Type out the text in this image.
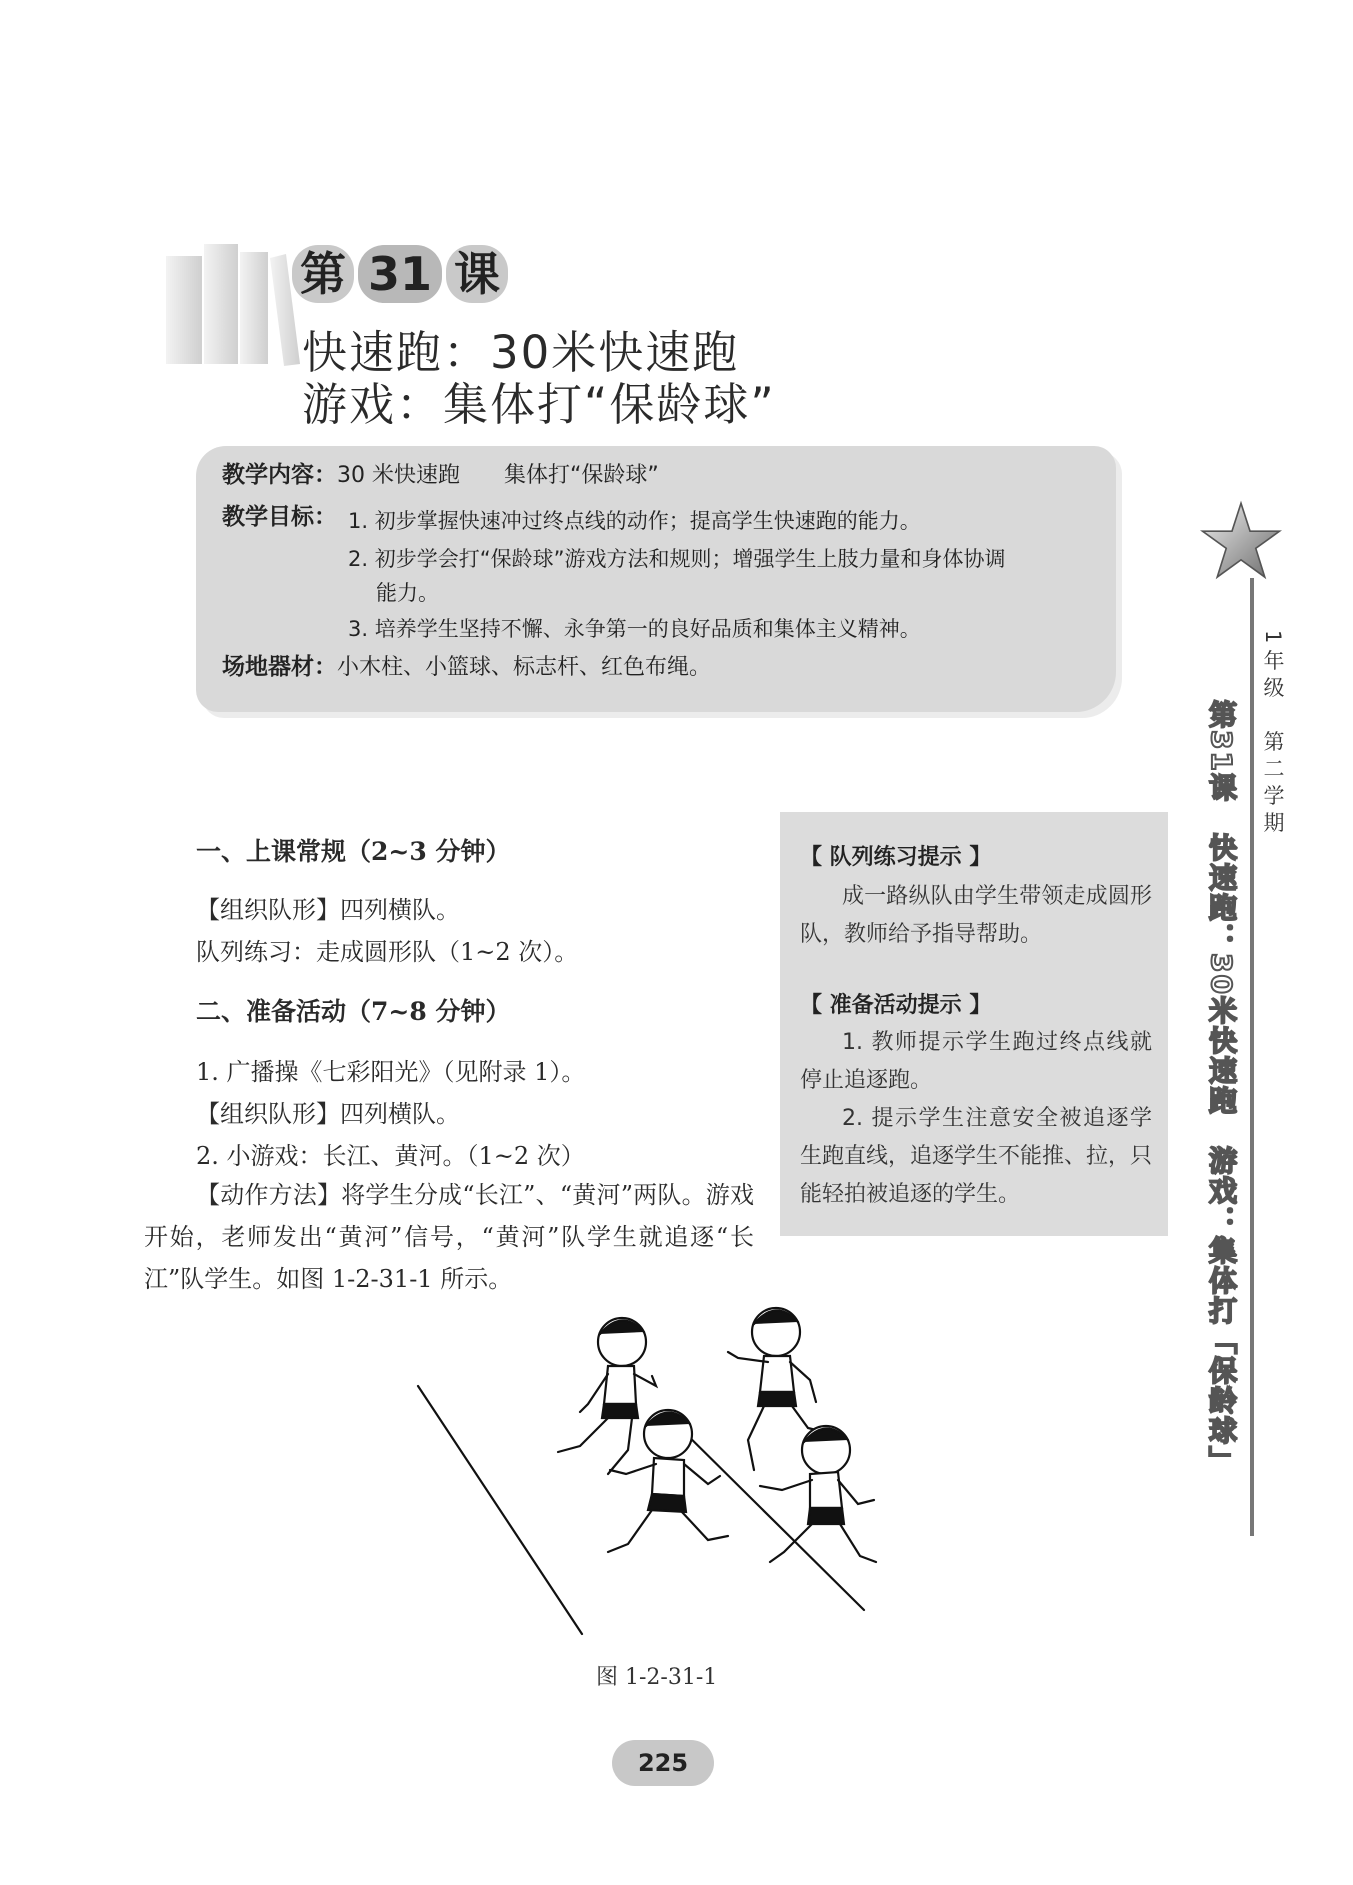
第 31 课
快速跑：30米快速跑
游戏：集体打“保龄球”
教学内容：30 米快速跑　　集体打“保龄球”
教学目标： 1. 初步掌握快速冲过终点线的动作；提高学生快速跑的能力。
2. 初步学会打“保龄球”游戏方法和规则；增强学生上肢力量和身体协调
能力。
3. 培养学生坚持不懈、永争第一的良好品质和集体主义精神。
场地器材：小木柱、小篮球、标志杆、红色布绳。	1年级　第二学期
第31课　快速跑：30米快速跑　游戏：集体打「保龄球」
一、上课常规（2~3 分钟）
【组织队形】四列横队。
队列练习：走成圆形队（1~2 次）。
二、准备活动（7~8 分钟）
1. 广播操《七彩阳光》（见附录 1）。
【组织队形】四列横队。
2. 小游戏：长江、黄河。（1~2 次）
【动作方法】将学生分成“长江”、“黄河”两队。游戏开始，老师发出“黄河”信号，“黄河”队学生就追逐“长江”队学生。如图 1-2-31-1 所示。
【 队列练习提示 】
成一路纵队由学生带领走成圆形队，教师给予指导帮助。
【 准备活动提示 】
1. 教师提示学生跑过终点线就停止追逐跑。
2. 提示学生注意安全被追逐学生跑直线，追逐学生不能推、拉，只能轻拍被追逐的学生。
图 1-2-31-1
225
